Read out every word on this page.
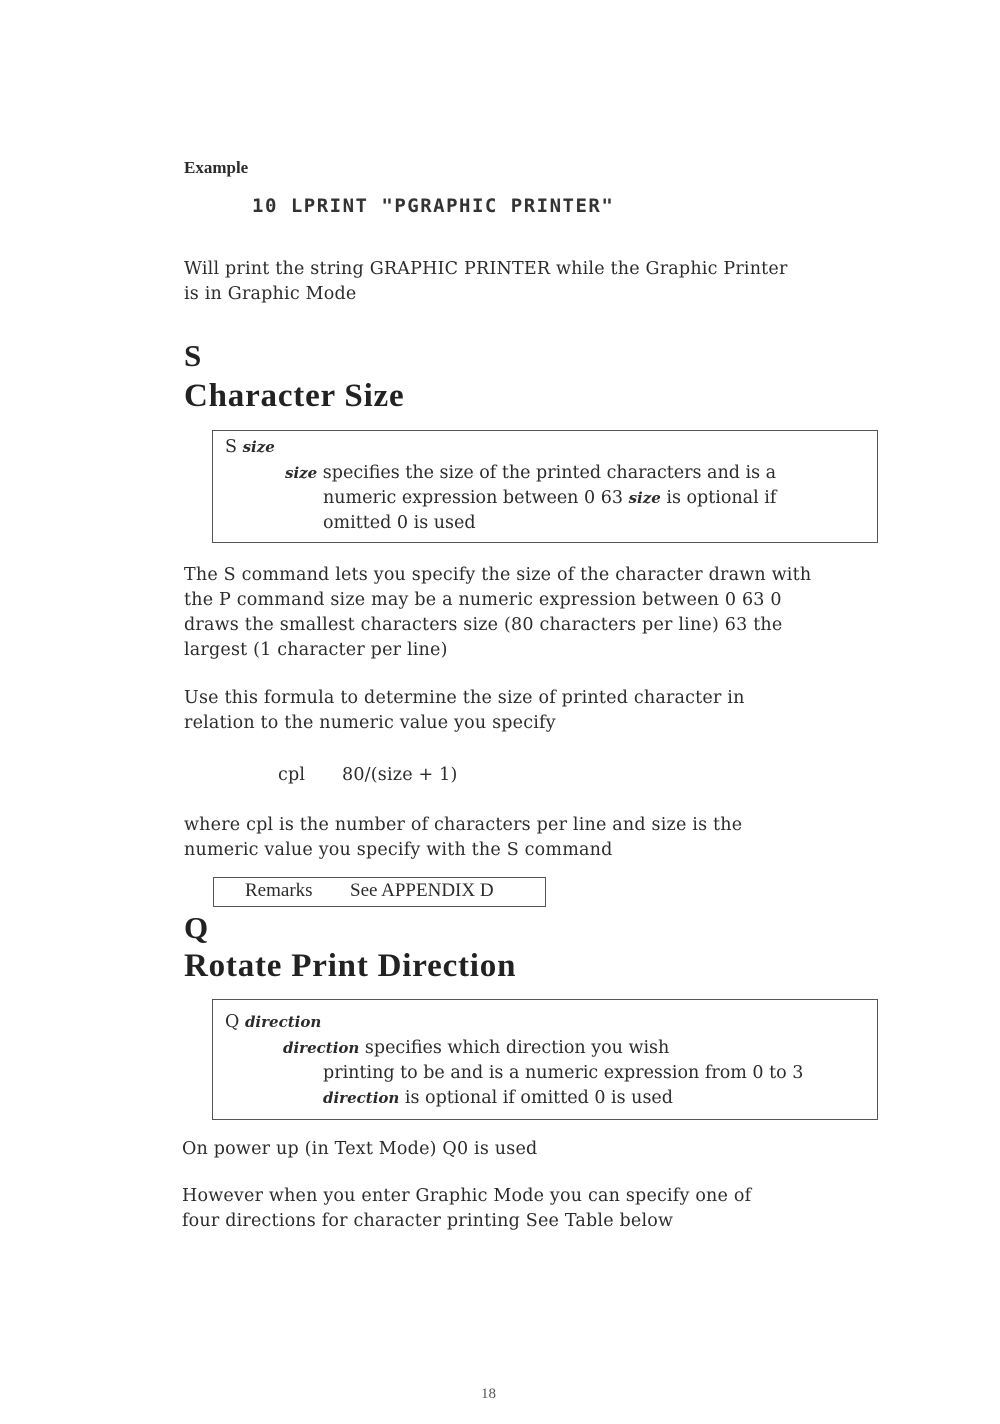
Example
10 LPRINT "PGRAPHIC PRINTER"
Will print the string GRAPHIC PRINTER while the Graphic Printer
is in Graphic Mode
S
Character Size
S size
size specifies the size of the printed characters and is a
numeric expression between 0 63 size is optional if
omitted 0 is used
The S command lets you specify the size of the character drawn with
the P command size may be a numeric expression between 0 63 0
draws the smallest characters size (80 characters per line) 63 the
largest (1 character per line)
Use this formula to determine the size of printed character in
relation to the numeric value you specify
cpl 80/(size + 1)
where cpl is the number of characters per line and size is the
numeric value you specify with the S command
Remarks See APPENDIX D
Q
Rotate Print Direction
Q direction
direction specifies which direction you wish
printing to be and is a numeric expression from 0 to 3
direction is optional if omitted 0 is used
On power up (in Text Mode) Q0 is used
However when you enter Graphic Mode you can specify one of
four directions for character printing See Table below
18
